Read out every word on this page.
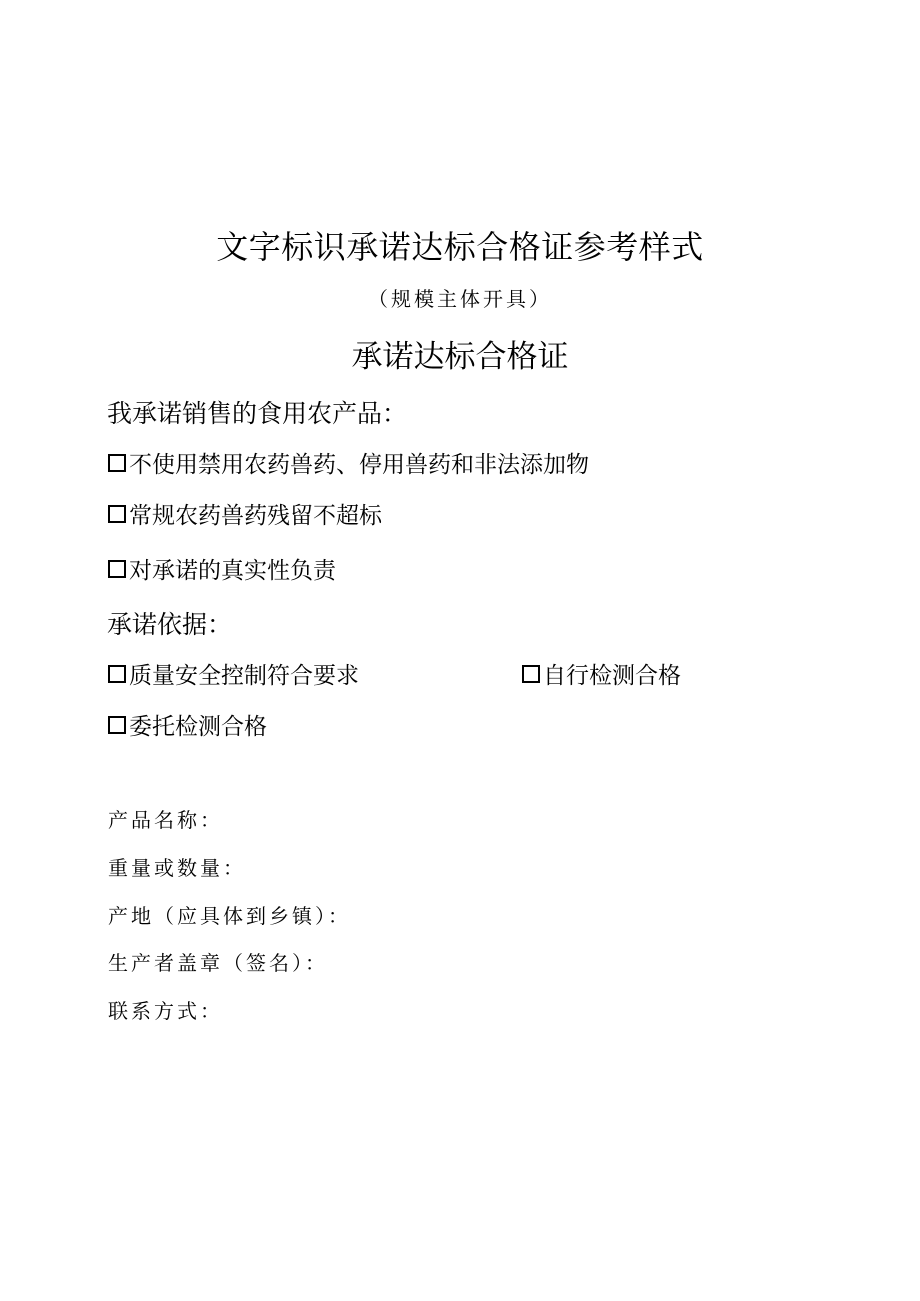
文字标识承诺达标合格证参考样式
（规模主体开具）
承诺达标合格证
我承诺销售的食用农产品：
不使用禁用农药兽药、停用兽药和非法添加物
常规农药兽药残留不超标
对承诺的真实性负责
承诺依据：
质量安全控制符合要求	自行检测合格
委托检测合格
产品名称：
重量或数量：
产地（应具体到乡镇）：
生产者盖章（签名）：
联系方式：
